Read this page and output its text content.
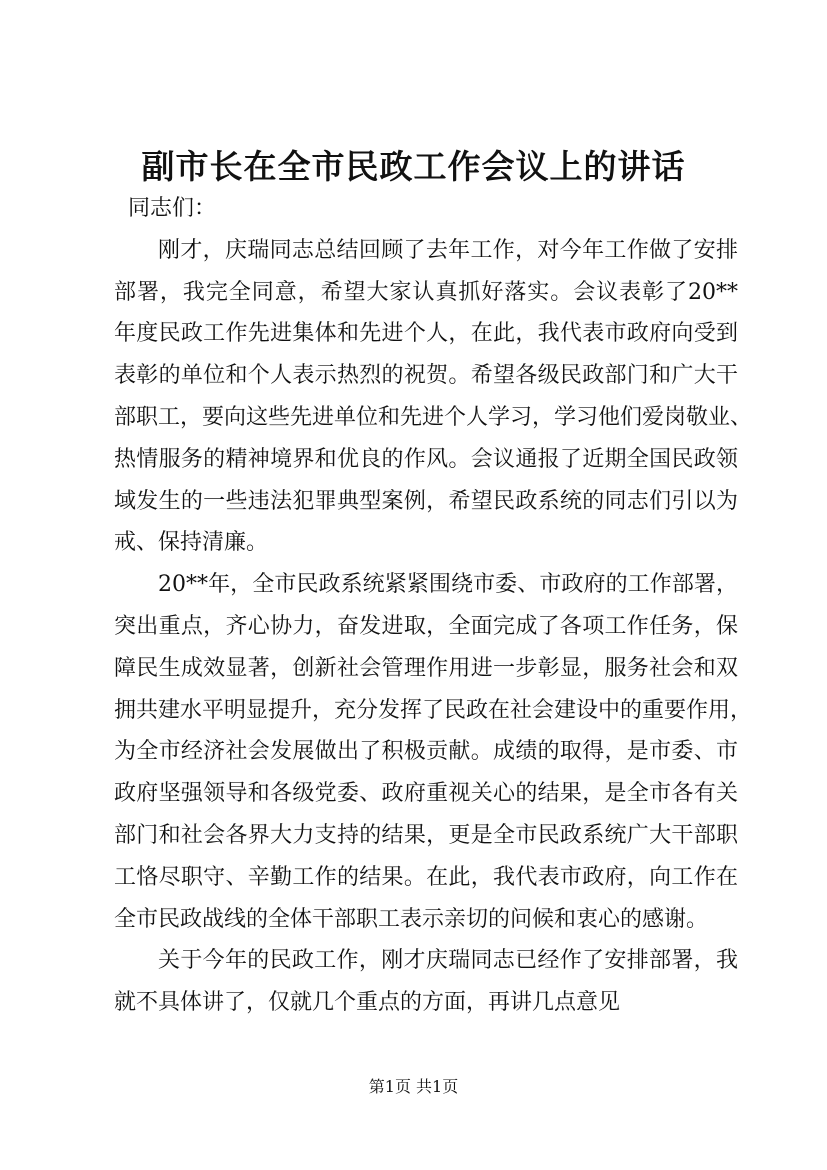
副市长在全市民政工作会议上的讲话
同志们：
刚才，庆瑞同志总结回顾了去年工作，对今年工作做了安排
部署，我完全同意，希望大家认真抓好落实。会议表彰了20**
年度民政工作先进集体和先进个人，在此，我代表市政府向受到
表彰的单位和个人表示热烈的祝贺。希望各级民政部门和广大干
部职工，要向这些先进单位和先进个人学习，学习他们爱岗敬业、
热情服务的精神境界和优良的作风。会议通报了近期全国民政领
域发生的一些违法犯罪典型案例，希望民政系统的同志们引以为
戒、保持清廉。
20**年，全市民政系统紧紧围绕市委、市政府的工作部署，
突出重点，齐心协力，奋发进取，全面完成了各项工作任务，保
障民生成效显著，创新社会管理作用进一步彰显，服务社会和双
拥共建水平明显提升，充分发挥了民政在社会建设中的重要作用，
为全市经济社会发展做出了积极贡献。成绩的取得，是市委、市
政府坚强领导和各级党委、政府重视关心的结果，是全市各有关
部门和社会各界大力支持的结果，更是全市民政系统广大干部职
工恪尽职守、辛勤工作的结果。在此，我代表市政府，向工作在
全市民政战线的全体干部职工表示亲切的问候和衷心的感谢。
关于今年的民政工作，刚才庆瑞同志已经作了安排部署，我
就不具体讲了，仅就几个重点的方面，再讲几点意见
第1页 共1页
